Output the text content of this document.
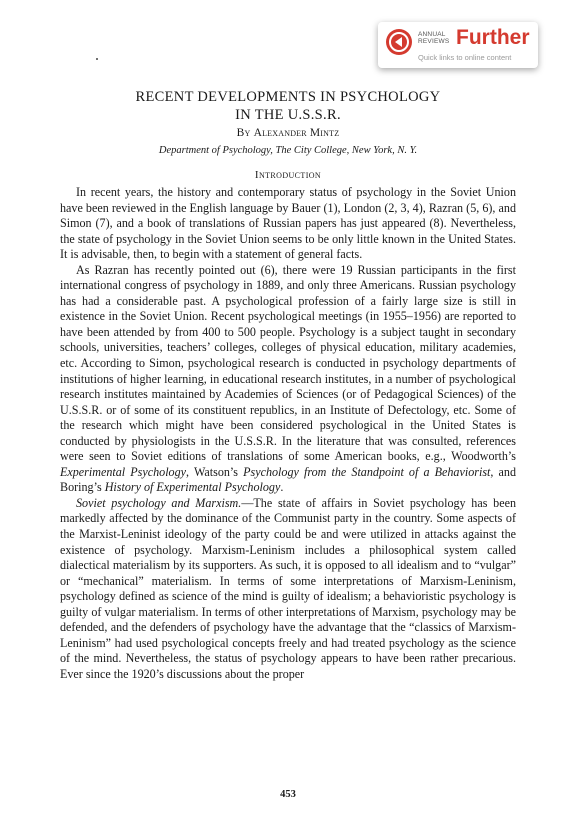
ANNUAL
REVIEWS Further
Quick links to online content
RECENT DEVELOPMENTS IN PSYCHOLOGY
IN THE U.S.S.R.
By Alexander Mintz
Department of Psychology, The City College, New York, N. Y.
Introduction

In recent years, the history and contemporary status of psychology in the Soviet Union have been reviewed in the English language by Bauer (1), London (2, 3, 4), Razran (5, 6), and Simon (7), and a book of translations of Russian papers has just appeared (8). Nevertheless, the state of psychology in the Soviet Union seems to be only little known in the United States. It is advisable, then, to begin with a statement of general facts.

As Razran has recently pointed out (6), there were 19 Russian participants in the first international congress of psychology in 1889, and only three Americans. Russian psychology has had a considerable past. A psychological profession of a fairly large size is still in existence in the Soviet Union. Recent psychological meetings (in 1955–1956) are reported to have been attended by from 400 to 500 people. Psychology is a subject taught in secondary schools, universities, teachers’ colleges, colleges of physical education, military academies, etc. According to Simon, psychological research is conducted in psychology departments of institutions of higher learning, in educational research institutes, in a number of psychological research institutes maintained by Academies of Sciences (or of Pedagogical Sciences) of the U.S.S.R. or of some of its constituent republics, in an Institute of Defectology, etc. Some of the research which might have been considered psychological in the United States is conducted by physiologists in the U.S.S.R. In the literature that was consulted, references were seen to Soviet editions of translations of some American books, e.g., Woodworth’s Experimental Psychology, Watson’s Psychology from the Standpoint of a Behaviorist, and Boring’s History of Experimental Psychology.

Soviet psychology and Marxism.—The state of affairs in Soviet psychology has been markedly affected by the dominance of the Communist party in the country. Some aspects of the Marxist-Leninist ideology of the party could be and were utilized in attacks against the existence of psychology. Marxism-Leninism includes a philosophical system called dialectical materialism by its supporters. As such, it is opposed to all idealism and to “vulgar” or “mechanical” materialism. In terms of some interpretations of Marxism-Leninism, psychology defined as science of the mind is guilty of idealism; a behavioristic psychology is guilty of vulgar materialism. In terms of other interpretations of Marxism, psychology may be defended, and the defenders of psychology have the advantage that the “classics of Marxism-Leninism” had used psychological concepts freely and had treated psychology as the science of the mind. Nevertheless, the status of psychology appears to have been rather precarious. Ever since the 1920’s discussions about the proper

453
